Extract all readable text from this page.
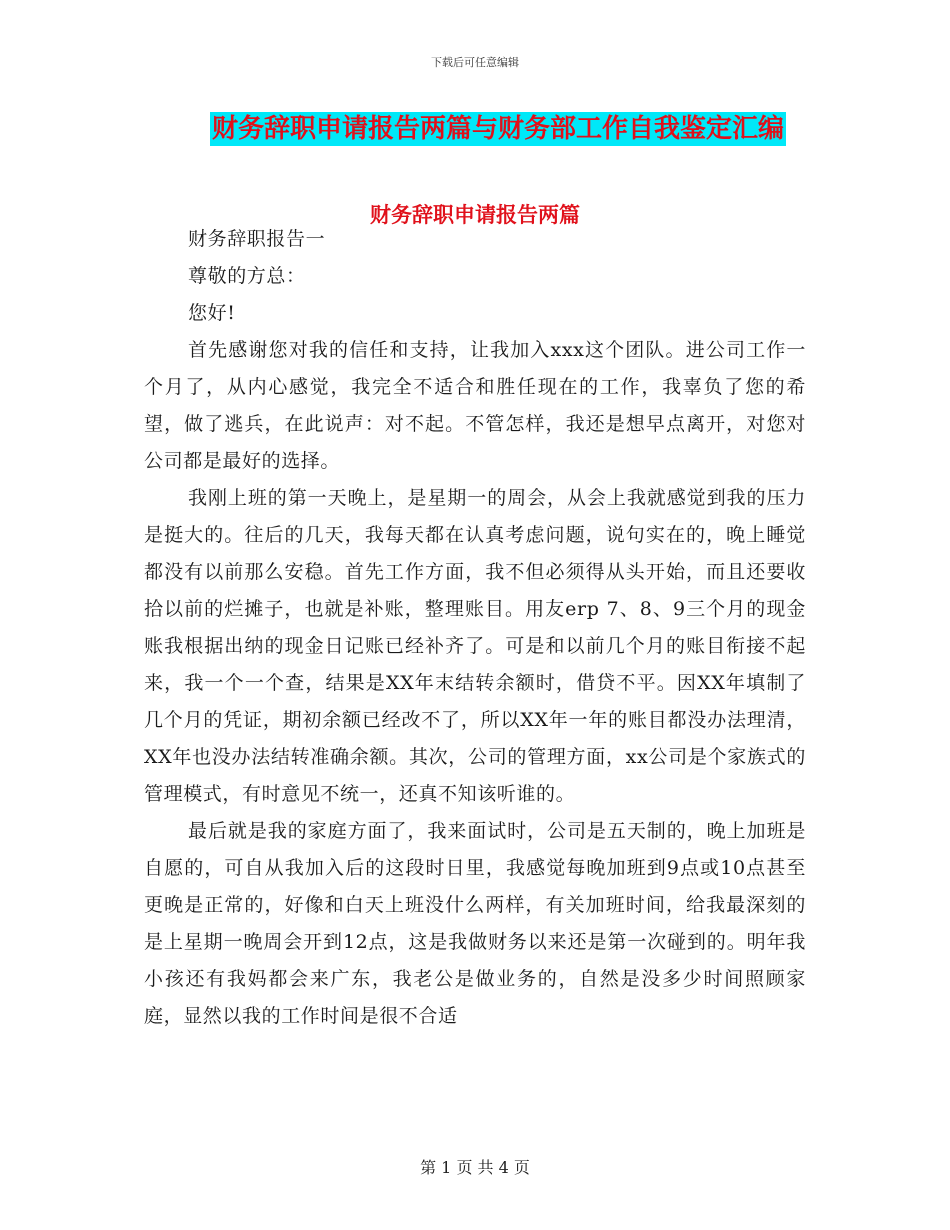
下载后可任意编辑
财务辞职申请报告两篇与财务部工作自我鉴定汇编
财务辞职申请报告两篇

财务辞职报告一

尊敬的方总：

您好!

首先感谢您对我的信任和支持，让我加入xxx这个团队。进公司工作一个月了，从内心感觉，我完全不适合和胜任现在的工作，我辜负了您的希望，做了逃兵，在此说声：对不起。不管怎样，我还是想早点离开，对您对公司都是最好的选择。

我刚上班的第一天晚上，是星期一的周会，从会上我就感觉到我的压力是挺大的。往后的几天，我每天都在认真考虑问题，说句实在的，晚上睡觉都没有以前那么安稳。首先工作方面，我不但必须得从头开始，而且还要收拾以前的烂摊子，也就是补账，整理账目。用友erp 7、8、9三个月的现金账我根据出纳的现金日记账已经补齐了。可是和以前几个月的账目衔接不起来，我一个一个查，结果是XX年末结转余额时，借贷不平。因XX年填制了几个月的凭证，期初余额已经改不了，所以XX年一年的账目都没办法理清，XX年也没办法结转准确余额。其次，公司的管理方面，xx公司是个家族式的管理模式，有时意见不统一，还真不知该听谁的。

最后就是我的家庭方面了，我来面试时，公司是五天制的，晚上加班是自愿的，可自从我加入后的这段时日里，我感觉每晚加班到9点或10点甚至更晚是正常的，好像和白天上班没什么两样，有关加班时间，给我最深刻的是上星期一晚周会开到12点，这是我做财务以来还是第一次碰到的。明年我小孩还有我妈都会来广东，我老公是做业务的，自然是没多少时间照顾家庭，显然以我的工作时间是很不合适

第 1 页 共 4 页
